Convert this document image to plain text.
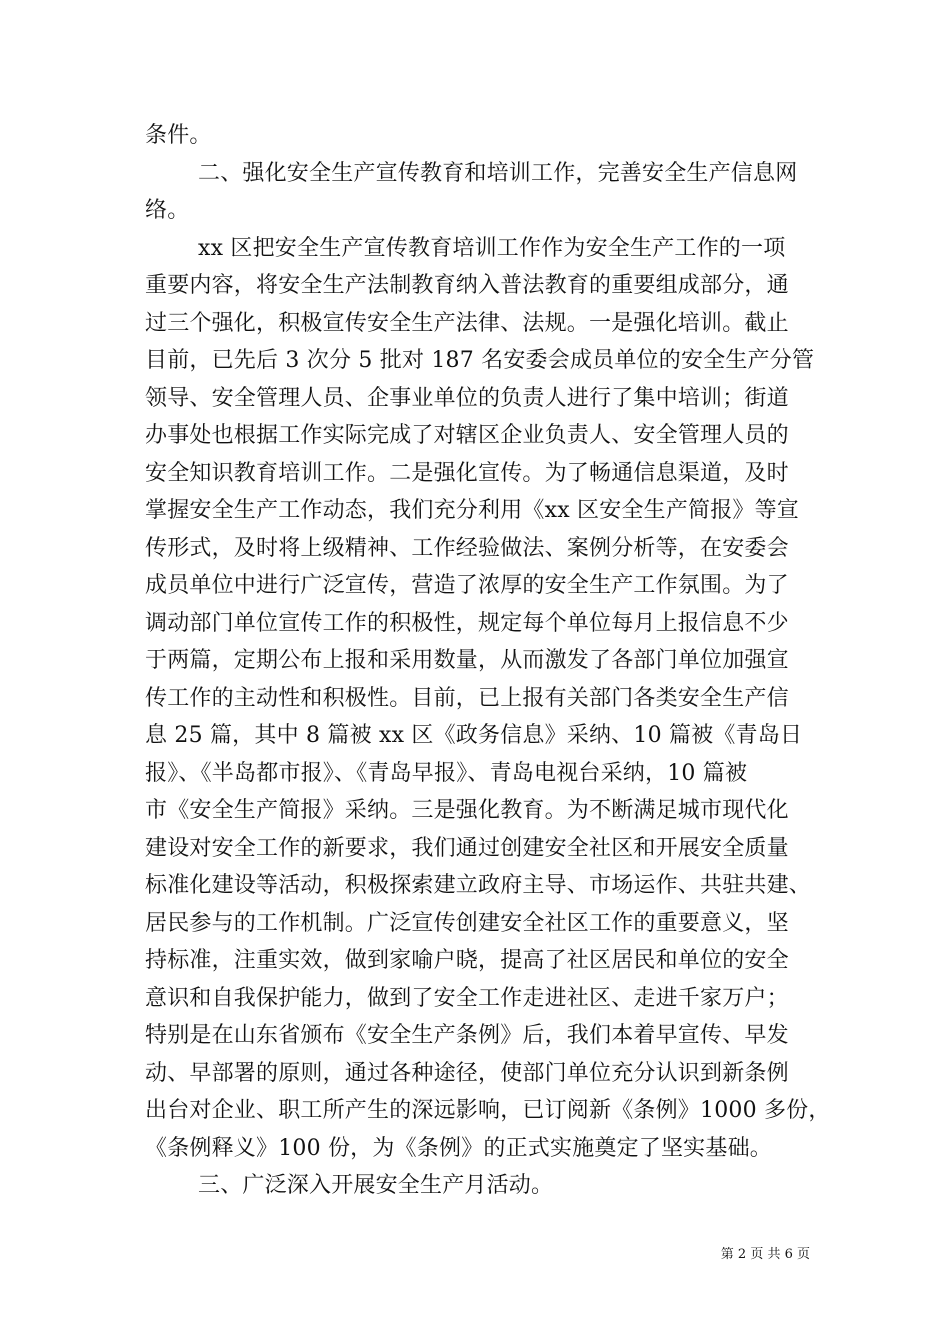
条件。
二、强化安全生产宣传教育和培训工作，完善安全生产信息网
络。
xx 区把安全生产宣传教育培训工作作为安全生产工作的一项
重要内容，将安全生产法制教育纳入普法教育的重要组成部分，通
过三个强化，积极宣传安全生产法律、法规。一是强化培训。截止
目前，已先后 3 次分 5 批对 187 名安委会成员单位的安全生产分管
领导、安全管理人员、企事业单位的负责人进行了集中培训；街道
办事处也根据工作实际完成了对辖区企业负责人、安全管理人员的
安全知识教育培训工作。二是强化宣传。为了畅通信息渠道，及时
掌握安全生产工作动态，我们充分利用《xx 区安全生产简报》等宣
传形式，及时将上级精神、工作经验做法、案例分析等，在安委会
成员单位中进行广泛宣传，营造了浓厚的安全生产工作氛围。为了
调动部门单位宣传工作的积极性，规定每个单位每月上报信息不少
于两篇，定期公布上报和采用数量，从而激发了各部门单位加强宣
传工作的主动性和积极性。目前，已上报有关部门各类安全生产信
息 25 篇，其中 8 篇被 xx 区《政务信息》采纳、10 篇被《青岛日
报》、《半岛都市报》、《青岛早报》、青岛电视台采纳，10 篇被
市《安全生产简报》采纳。三是强化教育。为不断满足城市现代化
建设对安全工作的新要求，我们通过创建安全社区和开展安全质量
标准化建设等活动，积极探索建立政府主导、市场运作、共驻共建、
居民参与的工作机制。广泛宣传创建安全社区工作的重要意义，坚
持标准，注重实效，做到家喻户晓，提高了社区居民和单位的安全
意识和自我保护能力，做到了安全工作走进社区、走进千家万户；
特别是在山东省颁布《安全生产条例》后，我们本着早宣传、早发
动、早部署的原则，通过各种途径，使部门单位充分认识到新条例
出台对企业、职工所产生的深远影响，已订阅新《条例》1000 多份，
《条例释义》100 份，为《条例》的正式实施奠定了坚实基础。
三、广泛深入开展安全生产月活动。
第 2 页 共 6 页
